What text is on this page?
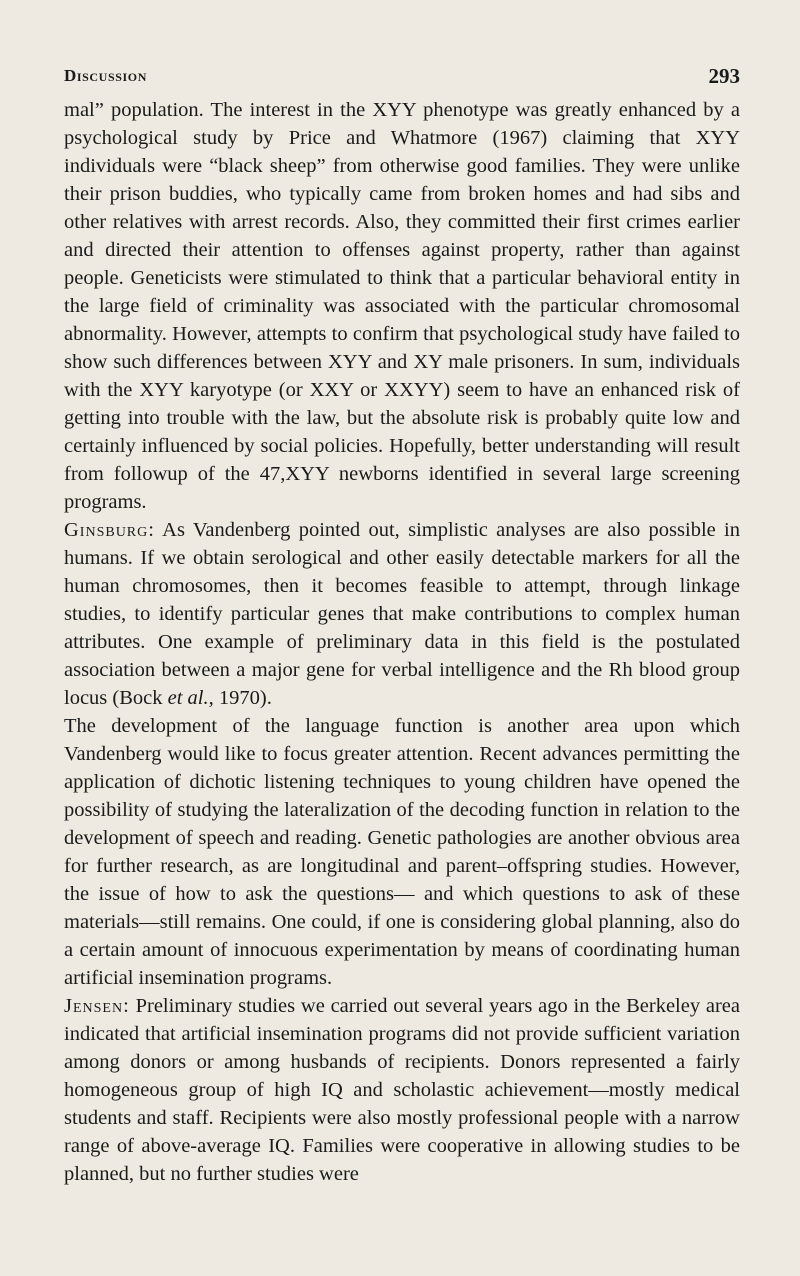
Discussion	293

mal” population. The interest in the XYY phenotype was greatly enhanced by a psychological study by Price and Whatmore (1967) claiming that XYY individuals were “black sheep” from otherwise good families. They were unlike their prison buddies, who typically came from broken homes and had sibs and other relatives with arrest records. Also, they committed their first crimes earlier and directed their attention to offenses against property, rather than against people. Geneticists were stimulated to think that a particular behavioral entity in the large field of criminality was associated with the particular chromosomal abnormality. However, attempts to confirm that psychological study have failed to show such differences between XYY and XY male prisoners. In sum, individuals with the XYY karyotype (or XXY or XXYY) seem to have an enhanced risk of getting into trouble with the law, but the absolute risk is probably quite low and certainly influenced by social policies. Hopefully, better understanding will result from followup of the 47,XYY newborns identified in several large screening programs.

Ginsburg: As Vandenberg pointed out, simplistic analyses are also possible in humans. If we obtain serological and other easily detectable markers for all the human chromosomes, then it becomes feasible to attempt, through linkage studies, to identify particular genes that make contributions to complex human attributes. One example of preliminary data in this field is the postulated association between a major gene for verbal intelligence and the Rh blood group locus (Bock et al., 1970).

The development of the language function is another area upon which Vandenberg would like to focus greater attention. Recent advances permitting the application of dichotic listening techniques to young children have opened the possibility of studying the lateralization of the decoding function in relation to the development of speech and reading. Genetic pathologies are another obvious area for further research, as are longitudinal and parent–offspring studies. However, the issue of how to ask the questions— and which questions to ask of these materials—still remains. One could, if one is considering global planning, also do a certain amount of innocuous experimentation by means of coordinating human artificial insemination programs.

Jensen: Preliminary studies we carried out several years ago in the Berkeley area indicated that artificial insemination programs did not provide sufficient variation among donors or among husbands of recipients. Donors represented a fairly homogeneous group of high IQ and scholastic achievement—mostly medical students and staff. Recipients were also mostly professional people with a narrow range of above-average IQ. Families were cooperative in allowing studies to be planned, but no further studies were
